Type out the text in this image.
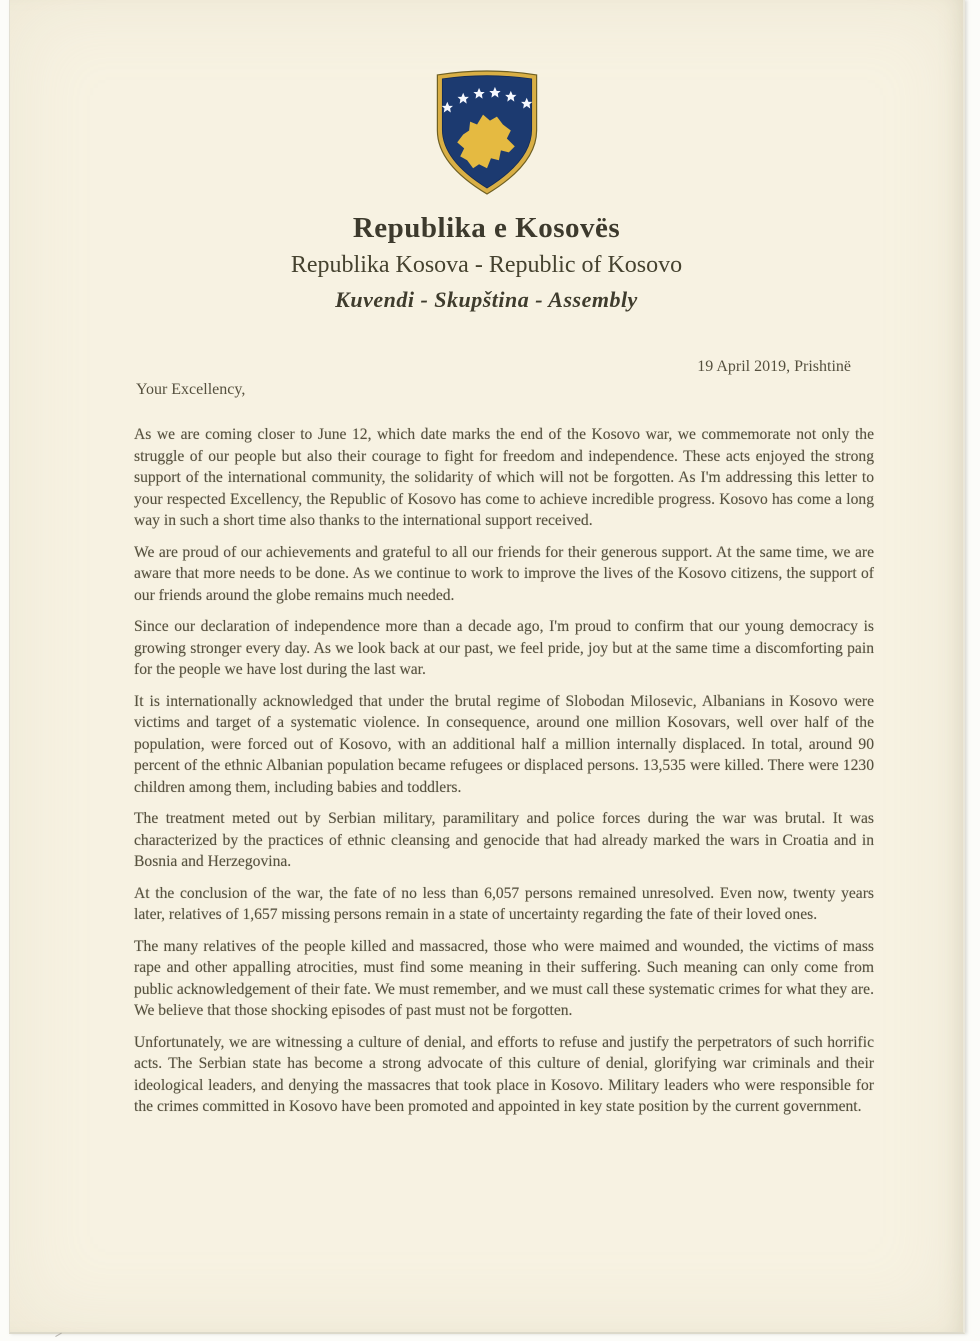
Republika e Kosovës
Republika Kosova - Republic of Kosovo
Kuvendi - Skupština - Assembly
19 April 2019, Prishtinë
Your Excellency,

As we are coming closer to June 12, which date marks the end of the Kosovo war, we commemorate not only the struggle of our people but also their courage to fight for freedom and independence. These acts enjoyed the strong support of the international community, the solidarity of which will not be forgotten. As I'm addressing this letter to your respected Excellency, the Republic of Kosovo has come to achieve incredible progress. Kosovo has come a long way in such a short time also thanks to the international support received.

We are proud of our achievements and grateful to all our friends for their generous support. At the same time, we are aware that more needs to be done. As we continue to work to improve the lives of the Kosovo citizens, the support of our friends around the globe remains much needed.

Since our declaration of independence more than a decade ago, I'm proud to confirm that our young democracy is growing stronger every day. As we look back at our past, we feel pride, joy but at the same time a discomforting pain for the people we have lost during the last war.

It is internationally acknowledged that under the brutal regime of Slobodan Milosevic, Albanians in Kosovo were victims and target of a systematic violence. In consequence, around one million Kosovars, well over half of the population, were forced out of Kosovo, with an additional half a million internally displaced. In total, around 90 percent of the ethnic Albanian population became refugees or displaced persons. 13,535 were killed. There were 1230 children among them, including babies and toddlers.

The treatment meted out by Serbian military, paramilitary and police forces during the war was brutal. It was characterized by the practices of ethnic cleansing and genocide that had already marked the wars in Croatia and in Bosnia and Herzegovina.

At the conclusion of the war, the fate of no less than 6,057 persons remained unresolved. Even now, twenty years later, relatives of 1,657 missing persons remain in a state of uncertainty regarding the fate of their loved ones.

The many relatives of the people killed and massacred, those who were maimed and wounded, the victims of mass rape and other appalling atrocities, must find some meaning in their suffering. Such meaning can only come from public acknowledgement of their fate. We must remember, and we must call these systematic crimes for what they are. We believe that those shocking episodes of past must not be forgotten.

Unfortunately, we are witnessing a culture of denial, and efforts to refuse and justify the perpetrators of such horrific acts. The Serbian state has become a strong advocate of this culture of denial, glorifying war criminals and their ideological leaders, and denying the massacres that took place in Kosovo. Military leaders who were responsible for the crimes committed in Kosovo have been promoted and appointed in key state position by the current government.
